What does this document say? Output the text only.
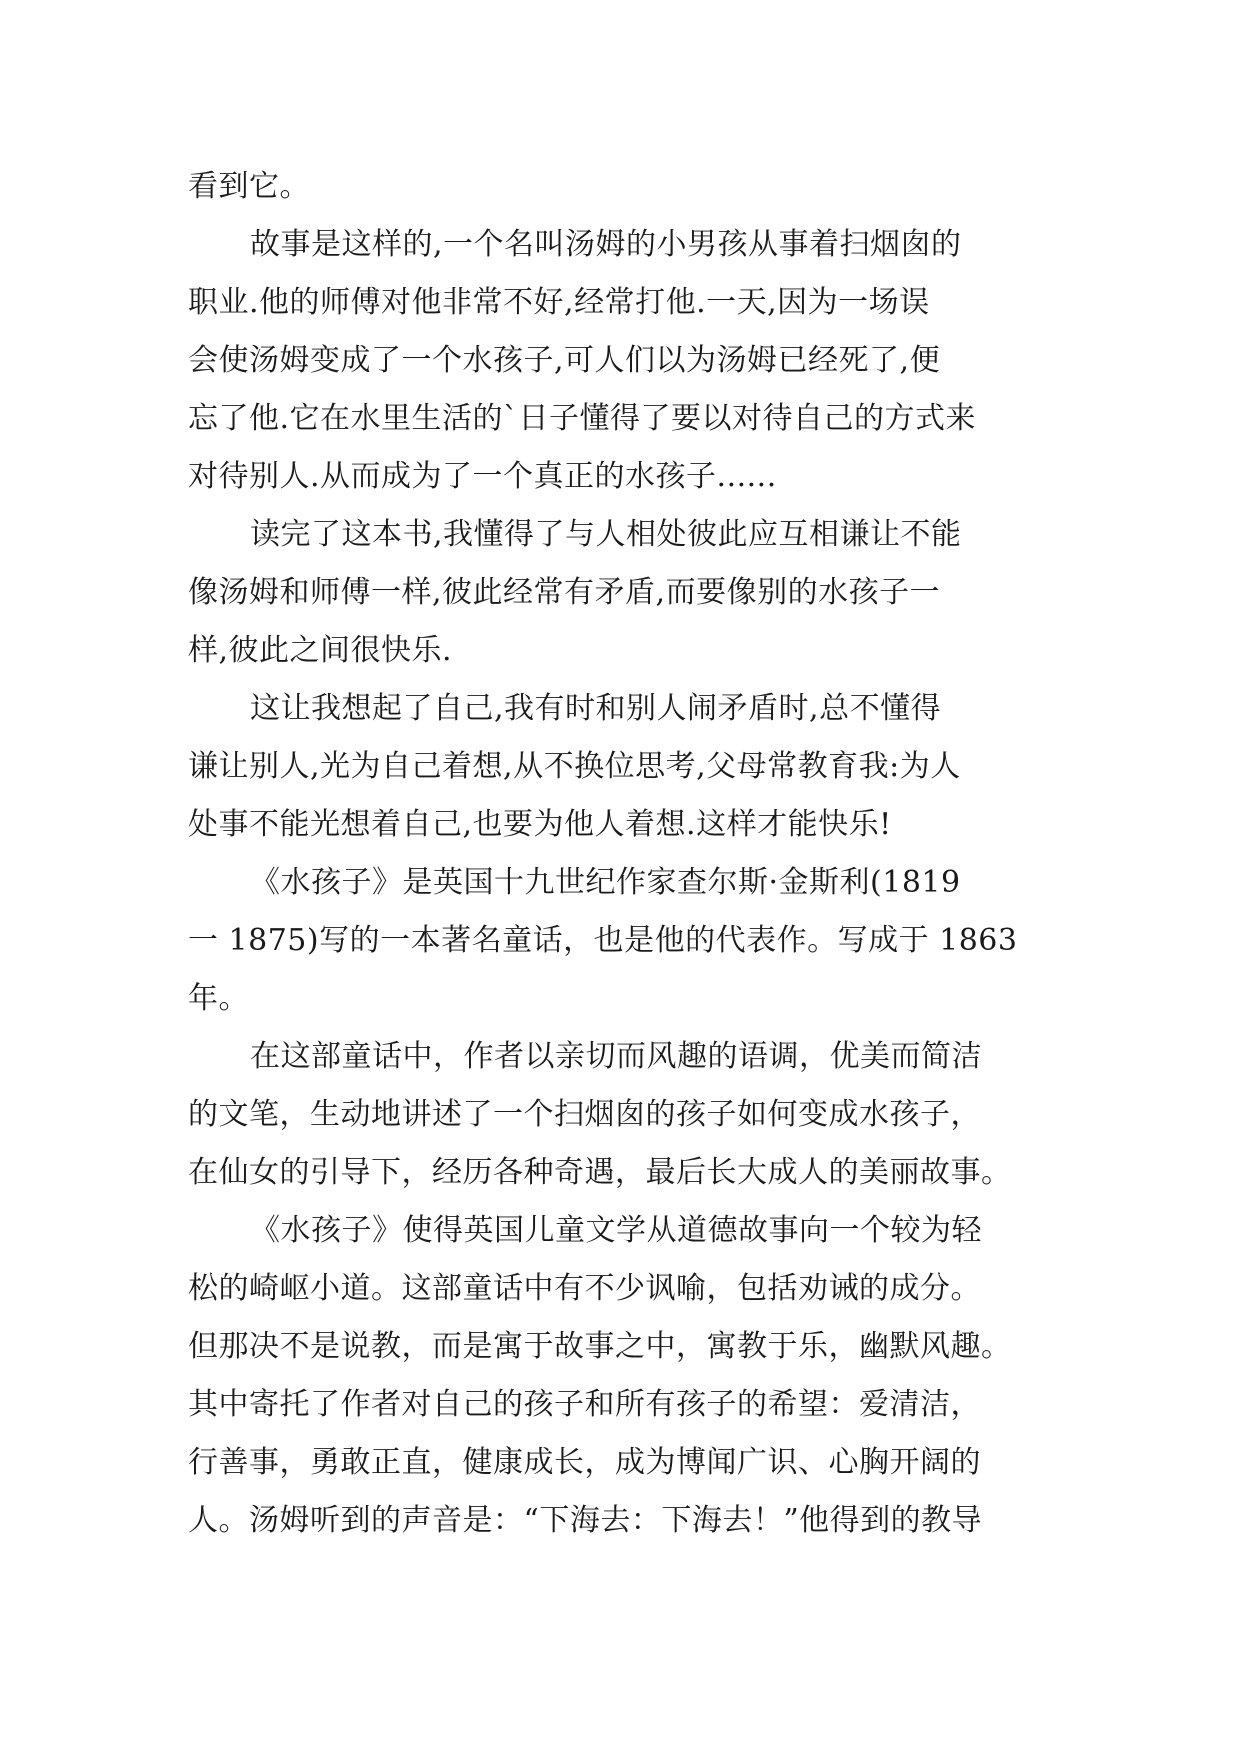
看到它。
故事是这样的,一个名叫汤姆的小男孩从事着扫烟囱的
职业.他的师傅对他非常不好,经常打他.一天,因为一场误
会使汤姆变成了一个水孩子,可人们以为汤姆已经死了,便
忘了他.它在水里生活的`日子懂得了要以对待自己的方式来
对待别人.从而成为了一个真正的水孩子......
读完了这本书,我懂得了与人相处彼此应互相谦让不能
像汤姆和师傅一样,彼此经常有矛盾,而要像别的水孩子一
样,彼此之间很快乐.
这让我想起了自己,我有时和别人闹矛盾时,总不懂得
谦让别人,光为自己着想,从不换位思考,父母常教育我:为人
处事不能光想着自己,也要为他人着想.这样才能快乐!
《水孩子》是英国十九世纪作家查尔斯·金斯利(1819
一 1875)写的一本著名童话，也是他的代表作。写成于 1863
年。
在这部童话中，作者以亲切而风趣的语调，优美而简洁
的文笔，生动地讲述了一个扫烟囱的孩子如何变成水孩子，
在仙女的引导下，经历各种奇遇，最后长大成人的美丽故事。
《水孩子》使得英国儿童文学从道德故事向一个较为轻
松的崎岖小道。这部童话中有不少讽喻，包括劝诫的成分。
但那决不是说教，而是寓于故事之中，寓教于乐，幽默风趣。
其中寄托了作者对自己的孩子和所有孩子的希望：爱清洁，
行善事，勇敢正直，健康成长，成为博闻广识、心胸开阔的
人。汤姆听到的声音是：“下海去：下海去！”他得到的教导
